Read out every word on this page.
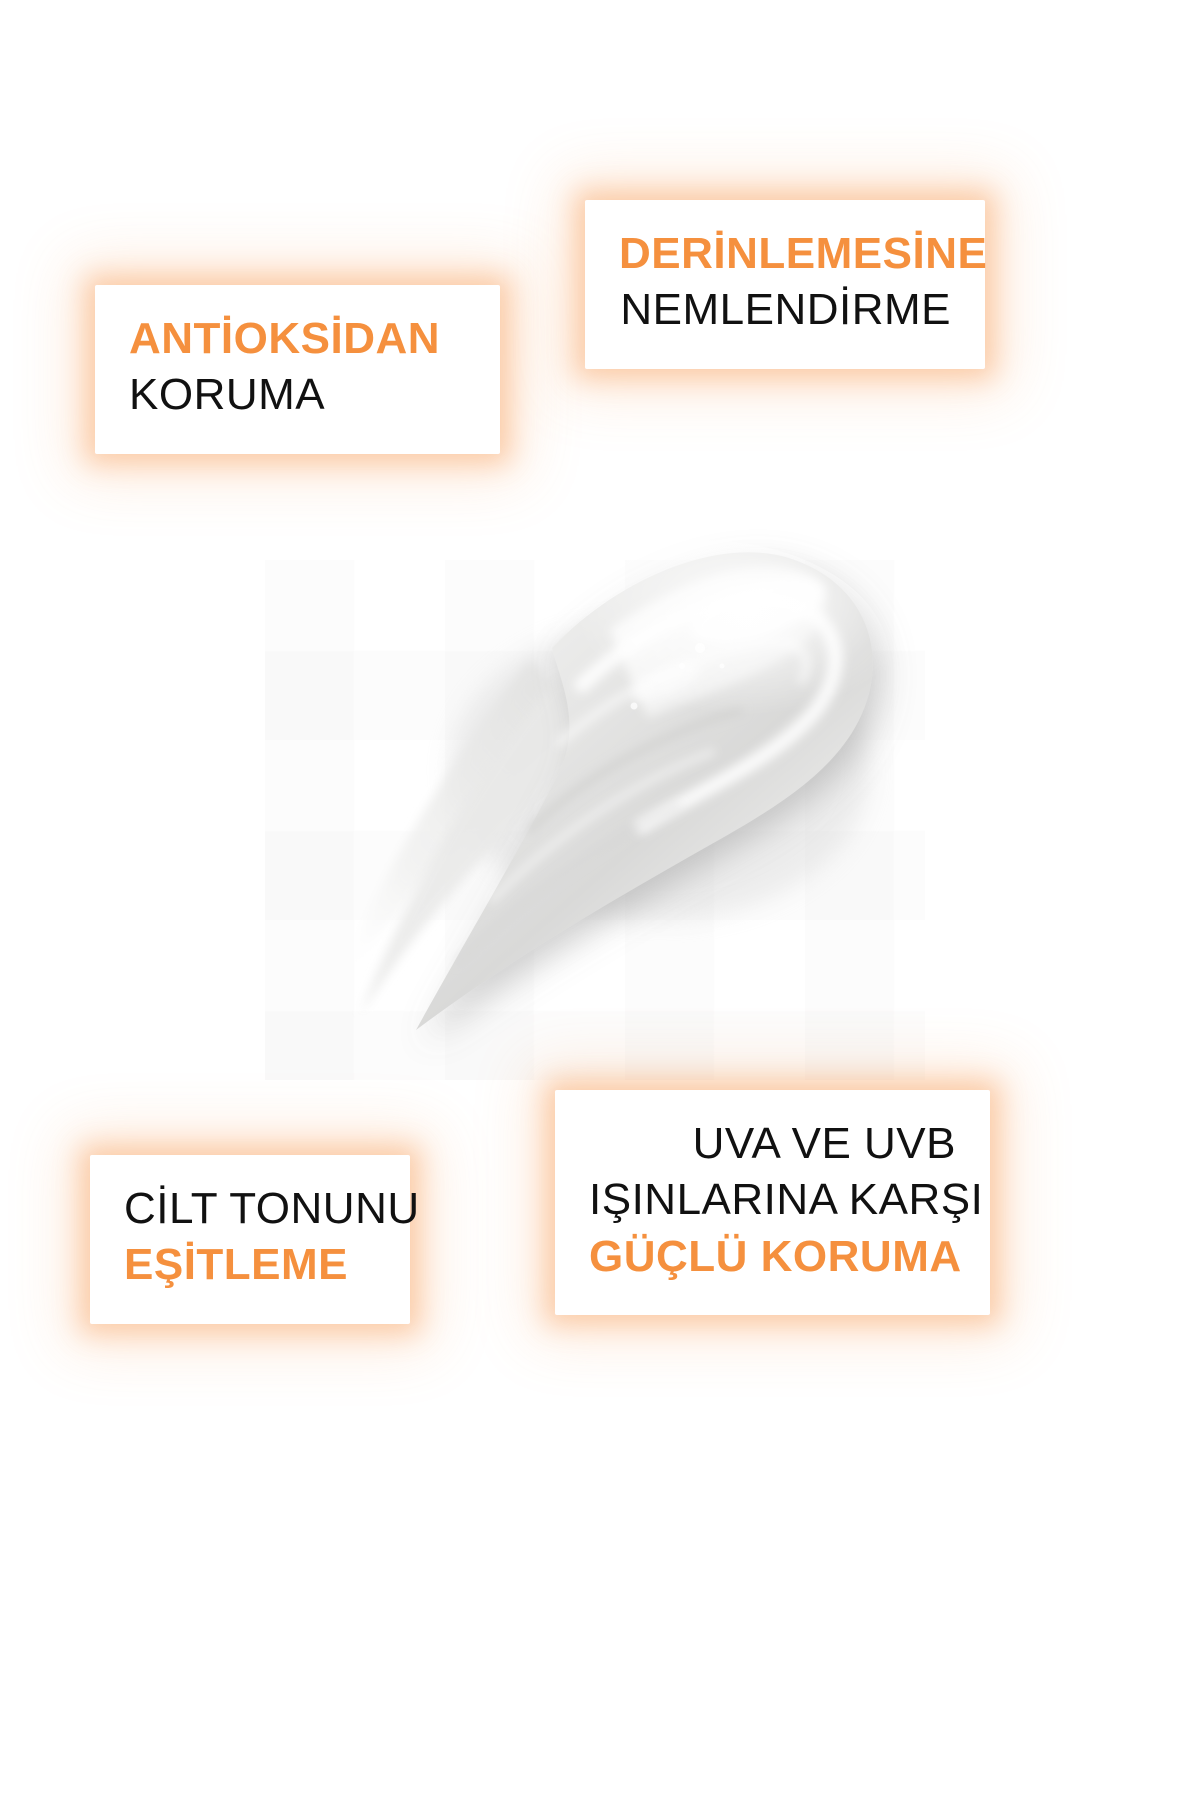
ANTİOKSİDAN
KORUMA
DERİNLEMESİNE
NEMLENDİRME
CİLT TONUNU
EŞİTLEME
UVA VE UVB
IŞINLARINA KARŞI
GÜÇLÜ KORUMA
